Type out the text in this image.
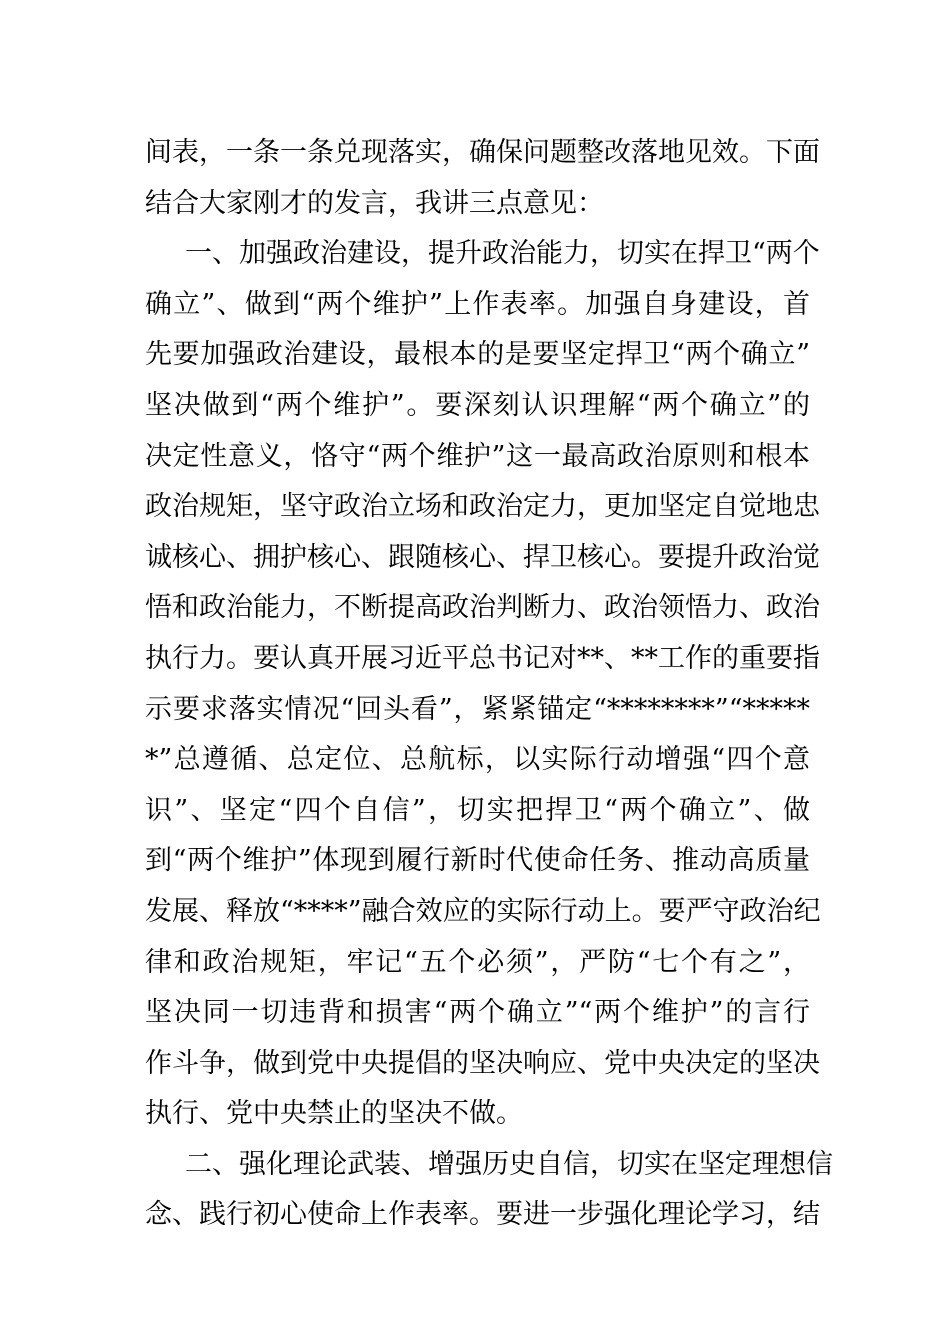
间表，一条一条兑现落实，确保问题整改落地见效。下面
结合大家刚才的发言，我讲三点意见：
一、加强政治建设，提升政治能力，切实在捍卫“两个
确立”、做到“两个维护”上作表率。加强自身建设，首
先要加强政治建设，最根本的是要坚定捍卫“两个确立”
坚决做到“两个维护”。要深刻认识理解“两个确立”的
决定性意义，恪守“两个维护”这一最高政治原则和根本
政治规矩，坚守政治立场和政治定力，更加坚定自觉地忠
诚核心、拥护核心、跟随核心、捍卫核心。要提升政治觉
悟和政治能力，不断提高政治判断力、政治领悟力、政治
执行力。要认真开展习近平总书记对**、**工作的重要指
示要求落实情况“回头看”，紧紧锚定“********”“*****
*”总遵循、总定位、总航标，以实际行动增强“四个意
识”、坚定“四个自信”，切实把捍卫“两个确立”、做
到“两个维护”体现到履行新时代使命任务、推动高质量
发展、释放“****”融合效应的实际行动上。要严守政治纪
律和政治规矩，牢记“五个必须”，严防“七个有之”，
坚决同一切违背和损害“两个确立”“两个维护”的言行
作斗争，做到党中央提倡的坚决响应、党中央决定的坚决
执行、党中央禁止的坚决不做。
二、强化理论武装、增强历史自信，切实在坚定理想信
念、践行初心使命上作表率。要进一步强化理论学习，结
